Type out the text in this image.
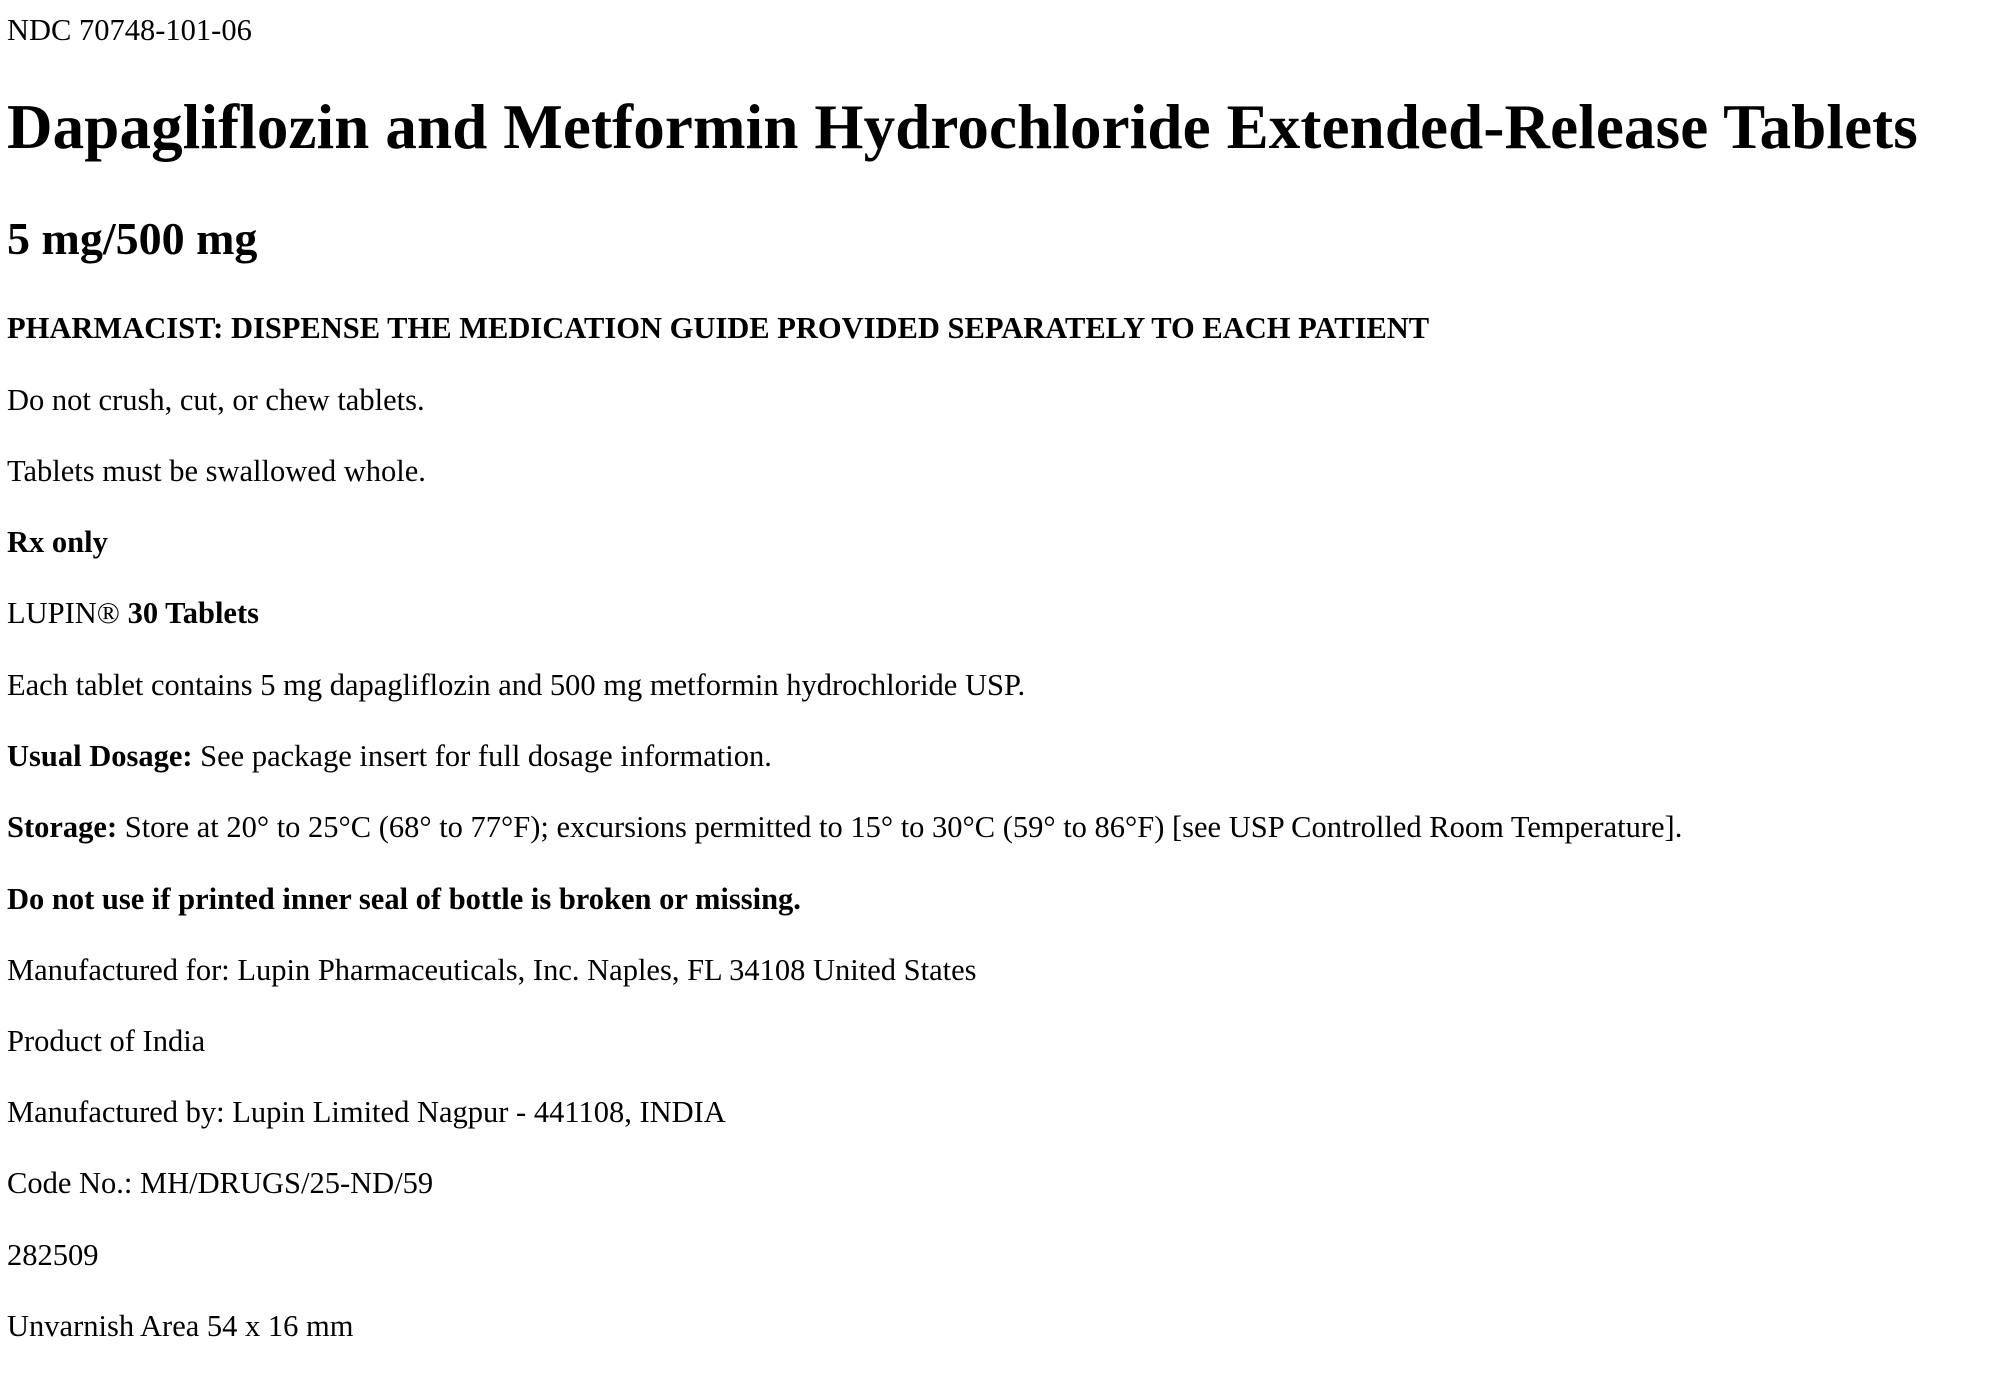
NDC 70748-101-06
Dapagliflozin and Metformin Hydrochloride Extended-Release Tablets
5 mg/500 mg
PHARMACIST: DISPENSE THE MEDICATION GUIDE PROVIDED SEPARATELY TO EACH PATIENT
Do not crush, cut, or chew tablets.
Tablets must be swallowed whole.
Rx only
LUPIN® 30 Tablets
Each tablet contains 5 mg dapagliflozin and 500 mg metformin hydrochloride USP.
Usual Dosage: See package insert for full dosage information.
Storage: Store at 20° to 25°C (68° to 77°F); excursions permitted to 15° to 30°C (59° to 86°F) [see USP Controlled Room Temperature].
Do not use if printed inner seal of bottle is broken or missing.
Manufactured for: Lupin Pharmaceuticals, Inc. Naples, FL 34108 United States
Product of India
Manufactured by: Lupin Limited Nagpur - 441108, INDIA
Code No.: MH/DRUGS/25-ND/59
282509
Unvarnish Area 54 x 16 mm
